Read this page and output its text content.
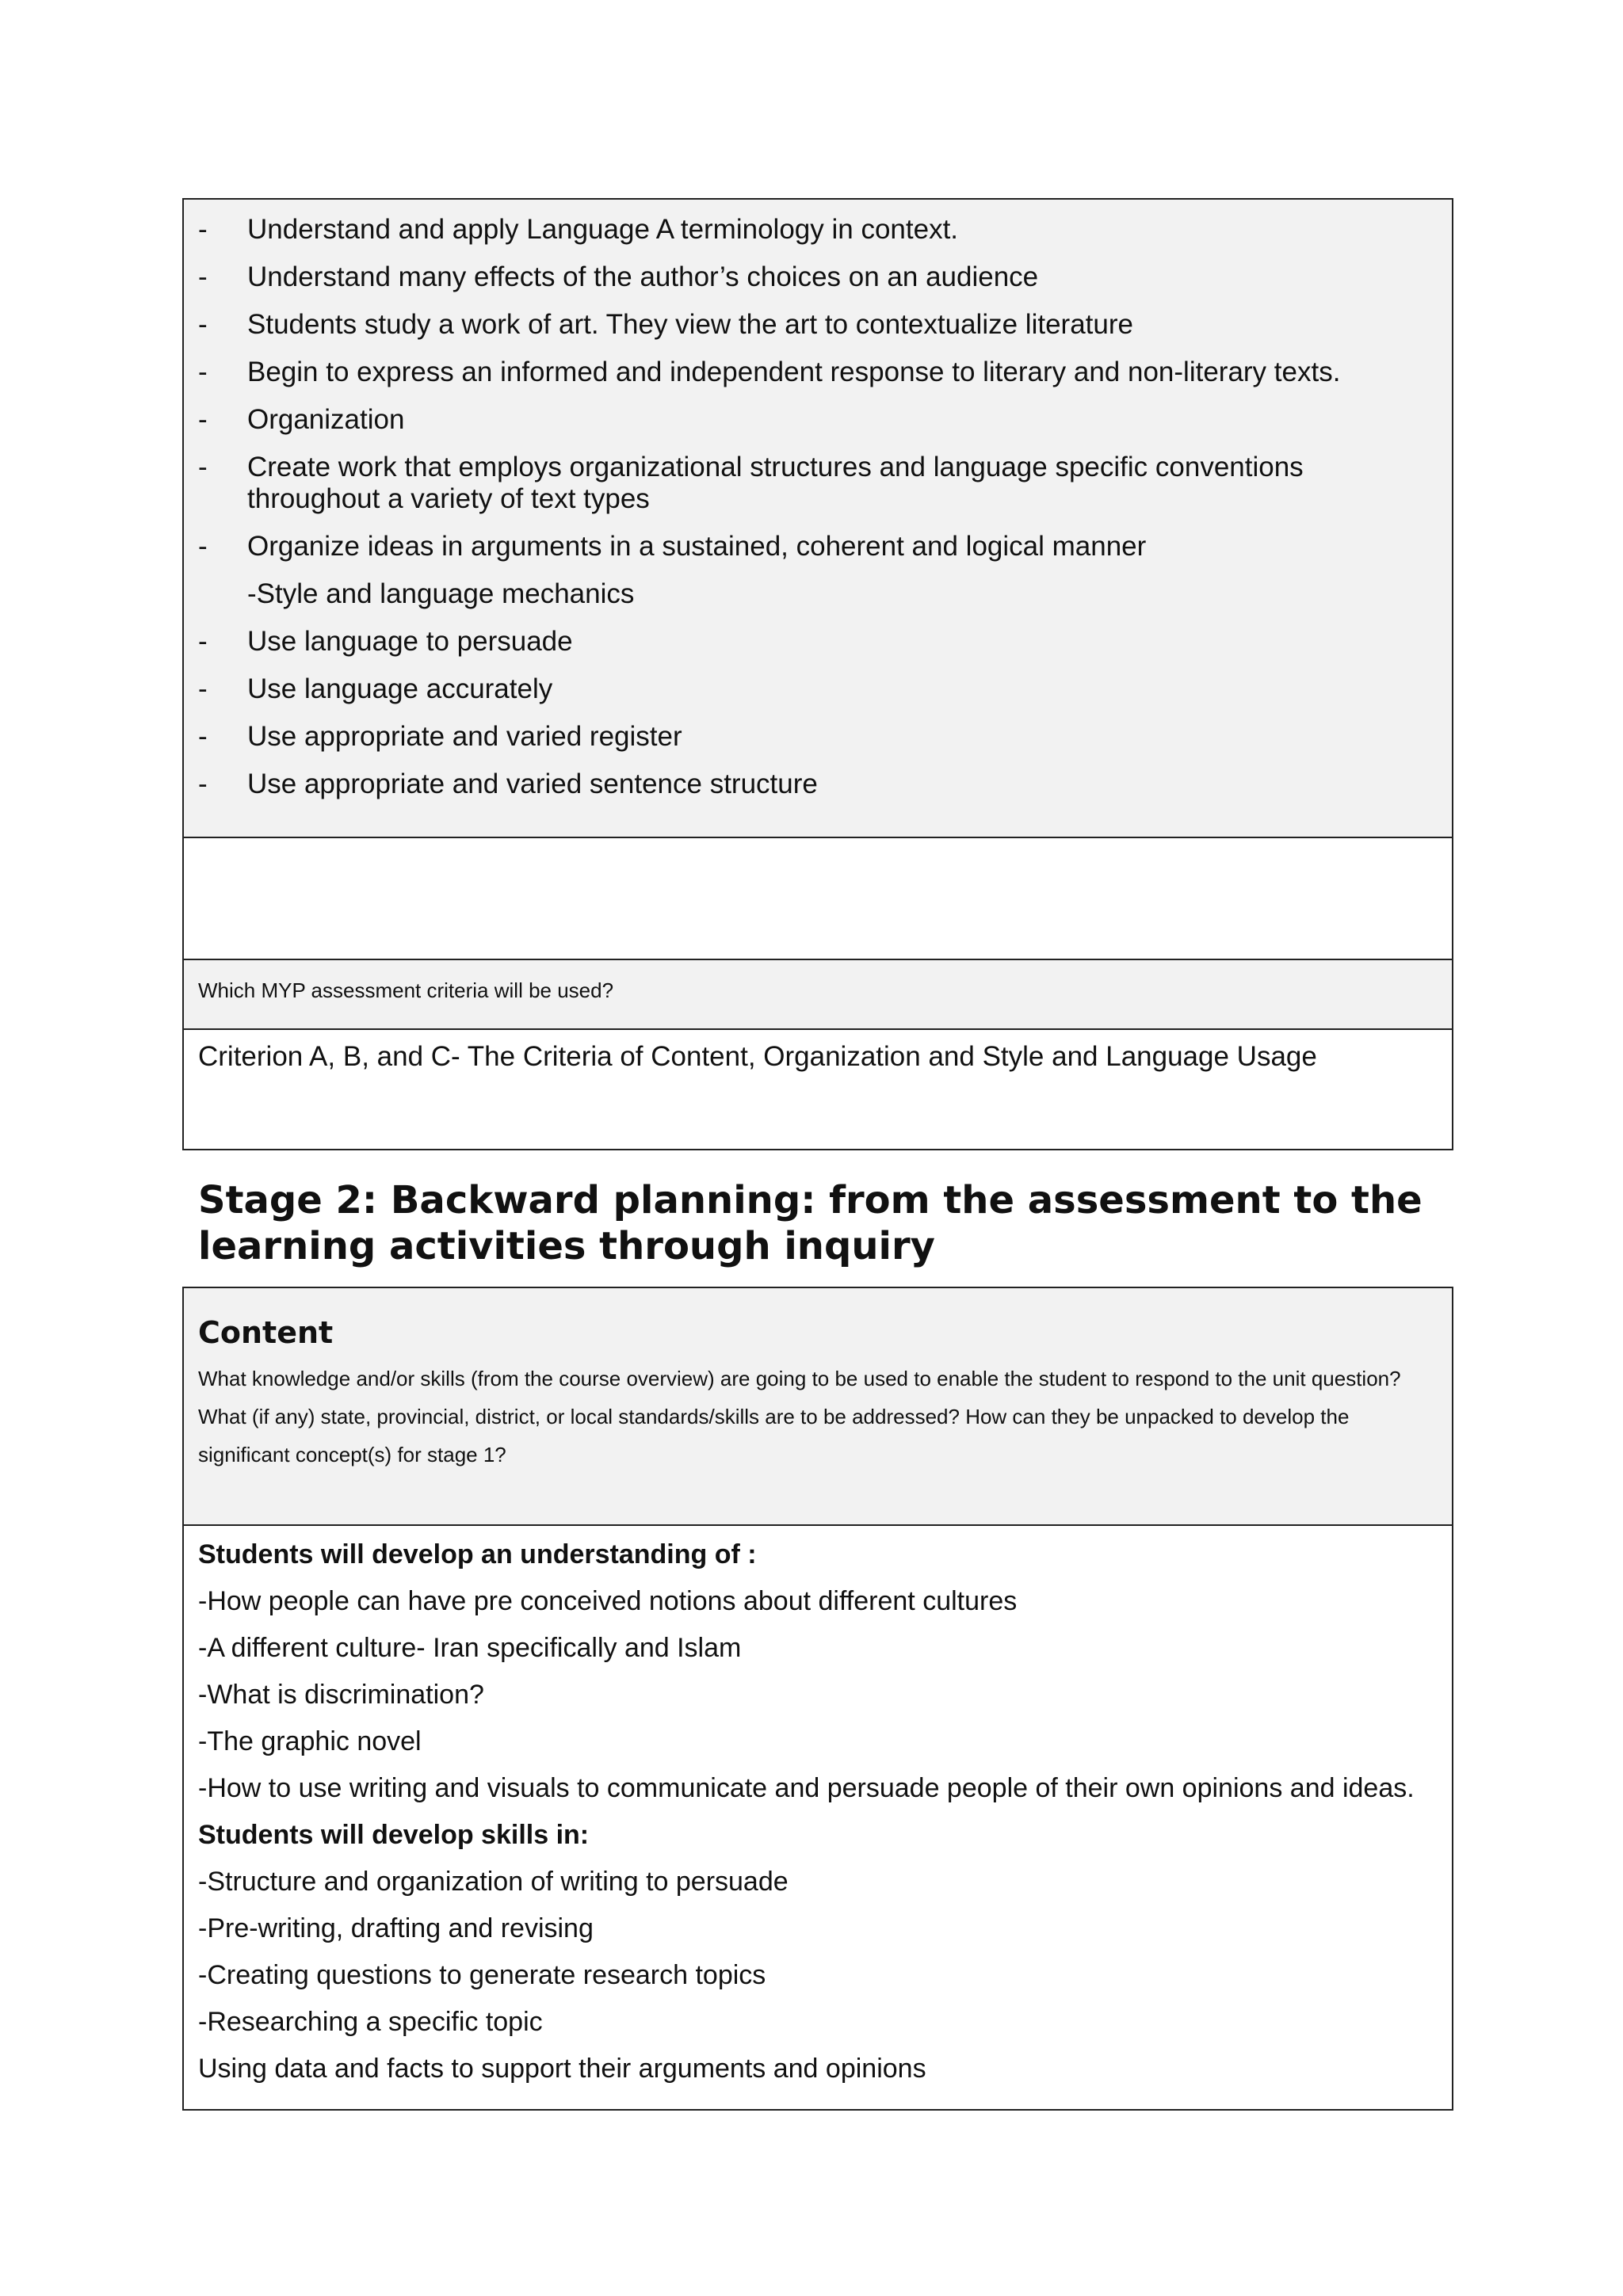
- Understand and apply Language A terminology in context.
- Understand many effects of the author’s choices on an audience
- Students study a work of art. They view the art to contextualize literature
- Begin to express an informed and independent response to literary and non-literary texts.
- Organization
- Create work that employs organizational structures and language specific conventions throughout a variety of text types
- Organize ideas in arguments in a sustained, coherent and logical manner
-Style and language mechanics
- Use language to persuade
- Use language accurately
- Use appropriate and varied register
- Use appropriate and varied sentence structure
Which MYP assessment criteria will be used?
Criterion A, B, and C- The Criteria of Content, Organization and Style and Language Usage
Stage 2: Backward planning: from the assessment to the learning activities through inquiry
Content
What knowledge and/or skills (from the course overview) are going to be used to enable the student to respond to the unit question?
What (if any) state, provincial, district, or local standards/skills are to be addressed? How can they be unpacked to develop the significant concept(s) for stage 1?
Students will develop an understanding of :
-How people can have pre conceived notions about different cultures
-A different culture- Iran specifically and Islam
-What is discrimination?
-The graphic novel
-How to use writing and visuals to communicate and persuade people of their own opinions and ideas.
Students will develop skills in:
-Structure and organization of writing to persuade
-Pre-writing, drafting and revising
-Creating questions to generate research topics
-Researching a specific topic
Using data and facts to support their arguments and opinions
